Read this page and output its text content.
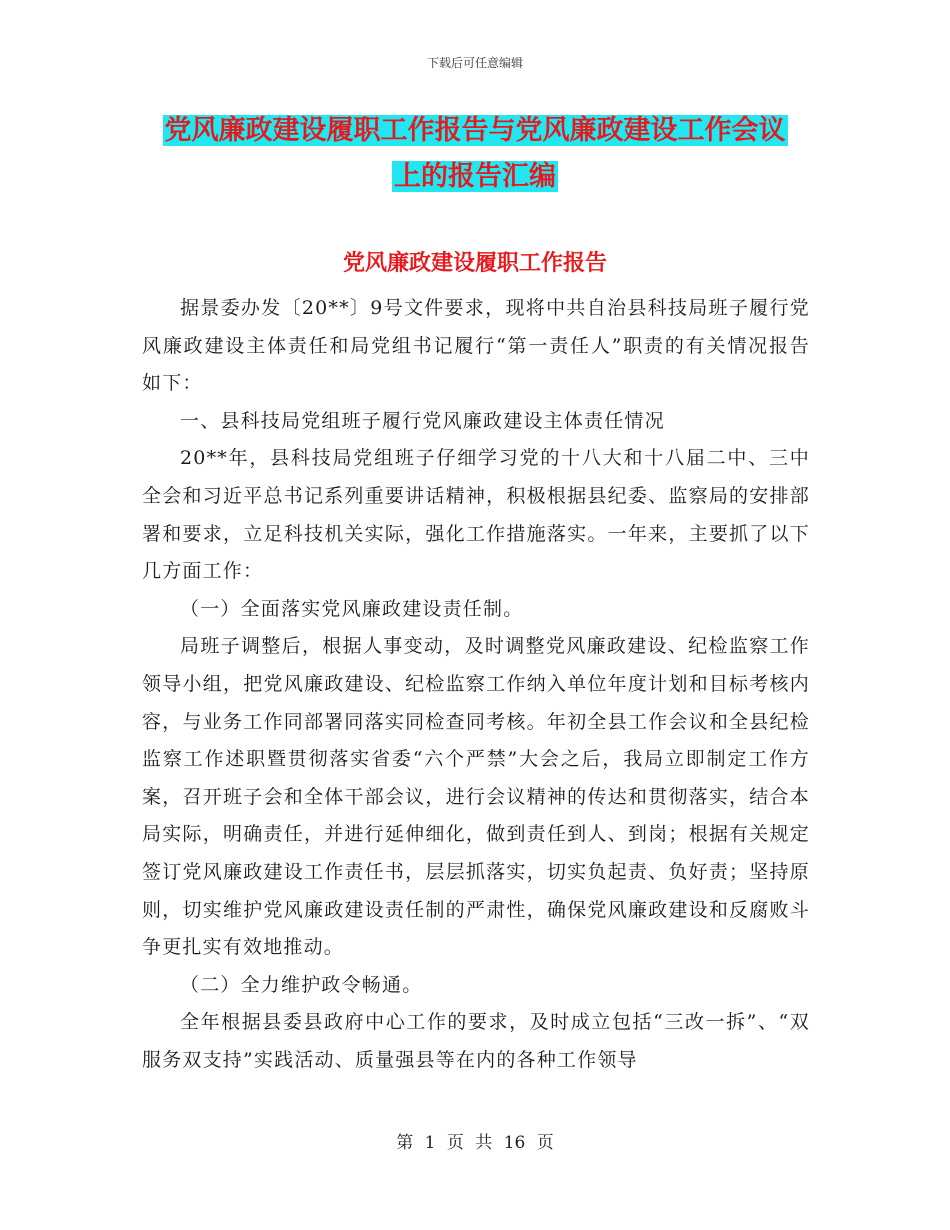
下载后可任意编辑
党风廉政建设履职工作报告与党风廉政建设工作会议
上的报告汇编
党风廉政建设履职工作报告

据景委办发〔20**〕9号文件要求，现将中共自治县科技局班子履行党风廉政建设主体责任和局党组书记履行“第一责任人”职责的有关情况报告如下：

一、县科技局党组班子履行党风廉政建设主体责任情况

20**年，县科技局党组班子仔细学习党的十八大和十八届二中、三中全会和习近平总书记系列重要讲话精神，积极根据县纪委、监察局的安排部署和要求，立足科技机关实际，强化工作措施落实。一年来，主要抓了以下几方面工作：

（一）全面落实党风廉政建设责任制。

局班子调整后，根据人事变动，及时调整党风廉政建设、纪检监察工作领导小组，把党风廉政建设、纪检监察工作纳入单位年度计划和目标考核内容，与业务工作同部署同落实同检查同考核。年初全县工作会议和全县纪检监察工作述职暨贯彻落实省委“六个严禁”大会之后，我局立即制定工作方案，召开班子会和全体干部会议，进行会议精神的传达和贯彻落实，结合本局实际，明确责任，并进行延伸细化，做到责任到人、到岗；根据有关规定签订党风廉政建设工作责任书，层层抓落实，切实负起责、负好责；坚持原则，切实维护党风廉政建设责任制的严肃性，确保党风廉政建设和反腐败斗争更扎实有效地推动。

（二）全力维护政令畅通。

全年根据县委县政府中心工作的要求，及时成立包括“三改一拆”、“双服务双支持”实践活动、质量强县等在内的各种工作领导

第 1 页 共 16 页
